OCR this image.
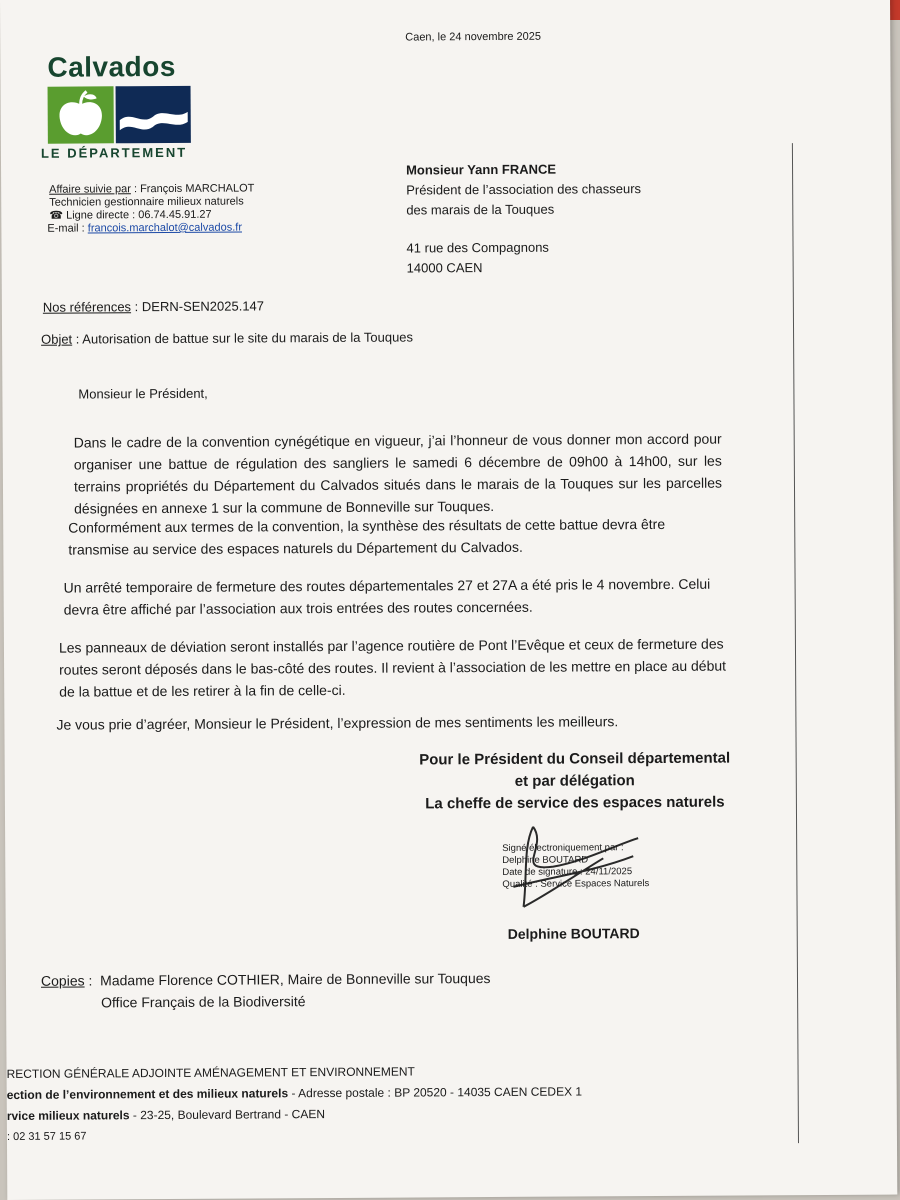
Calvados
LE DÉPARTEMENT
Caen, le 24 novembre 2025
Affaire suivie par : François MARCHALOT
Technicien gestionnaire milieux naturels
☎ Ligne directe : 06.74.45.91.27
E-mail : francois.marchalot@calvados.fr
Monsieur Yann FRANCE
Président de l’association des chasseurs
des marais de la Touques
41 rue des Compagnons
14000 CAEN
Nos références : DERN-SEN2025.147
Objet : Autorisation de battue sur le site du marais de la Touques
Monsieur le Président,
Dans le cadre de la convention cynégétique en vigueur, j’ai l’honneur de vous donner mon accord pour organiser une battue de régulation des sangliers le samedi 6 décembre de 09h00 à 14h00, sur les terrains propriétés du Département du Calvados situés dans le marais de la Touques sur les parcelles désignées en annexe 1 sur la commune de Bonneville sur Touques.
Conformément aux termes de la convention, la synthèse des résultats de cette battue devra être transmise au service des espaces naturels du Département du Calvados.
Un arrêté temporaire de fermeture des routes départementales 27 et 27A a été pris le 4 novembre. Celui devra être affiché par l’association aux trois entrées des routes concernées.
Les panneaux de déviation seront installés par l’agence routière de Pont l’Evêque et ceux de fermeture des routes seront déposés dans le bas-côté des routes. Il revient à l’association de les mettre en place au début de la battue et de les retirer à la fin de celle-ci.
Je vous prie d’agréer, Monsieur le Président, l’expression de mes sentiments les meilleurs.
Pour le Président du Conseil départemental
et par délégation
La cheffe de service des espaces naturels
Signé électroniquement par :
Delphine BOUTARD
Date de signature : 24/11/2025
Qualité : Service Espaces Naturels
Delphine BOUTARD
Copies :  Madame Florence COTHIER, Maire de Bonneville sur Touques
Office Français de la Biodiversité
RECTION GÉNÉRALE ADJOINTE AMÉNAGEMENT ET ENVIRONNEMENT
ection de l’environnement et des milieux naturels - Adresse postale : BP 20520 - 14035 CAEN CEDEX 1
rvice milieux naturels - 23-25, Boulevard Bertrand - CAEN
: 02 31 57 15 67
